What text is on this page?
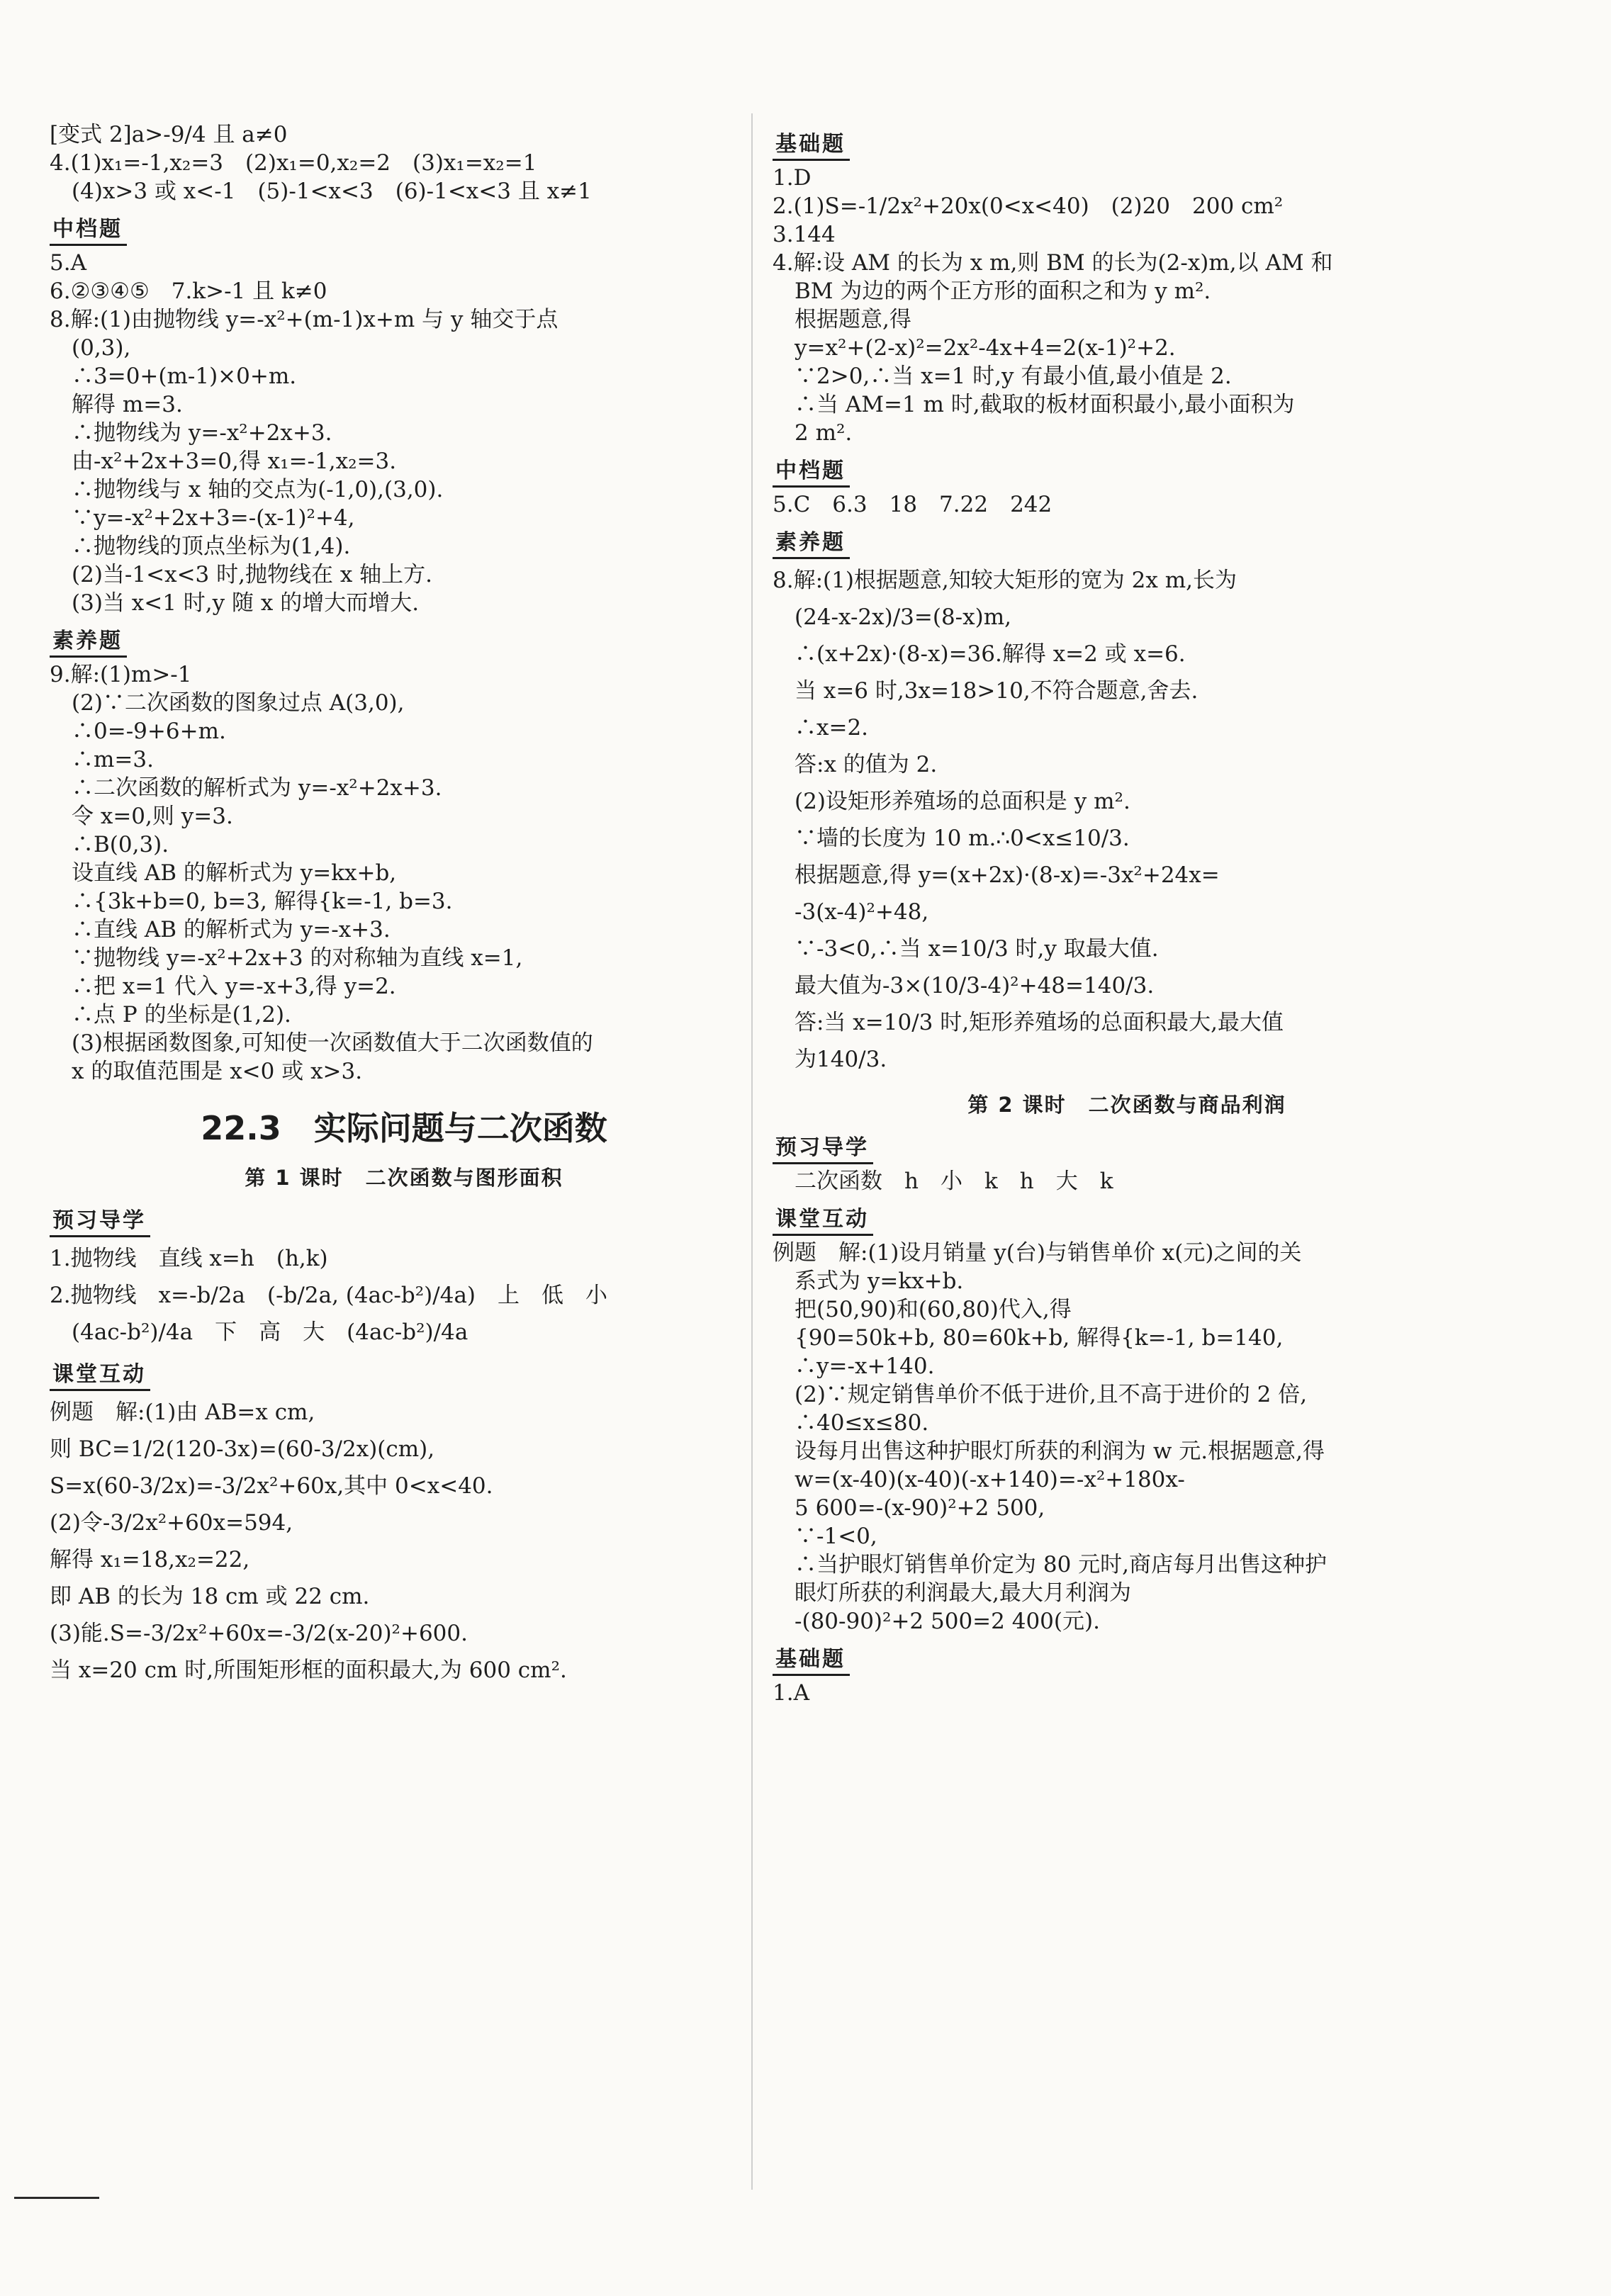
[变式 2]a>-9/4 且 a≠0
4.(1)x₁=-1,x₂=3　(2)x₁=0,x₂=2　(3)x₁=x₂=1
　(4)x>3 或 x<-1　(5)-1<x<3　(6)-1<x<3 且 x≠1
中档题
5.A
6.②③④⑤　7.k>-1 且 k≠0
8.解:(1)由抛物线 y=-x²+(m-1)x+m 与 y 轴交于点
　(0,3),
　∴3=0+(m-1)×0+m.
　解得 m=3.
　∴抛物线为 y=-x²+2x+3.
　由-x²+2x+3=0,得 x₁=-1,x₂=3.
　∴抛物线与 x 轴的交点为(-1,0),(3,0).
　∵y=-x²+2x+3=-(x-1)²+4,
　∴抛物线的顶点坐标为(1,4).
　(2)当-1<x<3 时,抛物线在 x 轴上方.
　(3)当 x<1 时,y 随 x 的增大而增大.
素养题
9.解:(1)m>-1
　(2)∵二次函数的图象过点 A(3,0),
　∴0=-9+6+m.
　∴m=3.
　∴二次函数的解析式为 y=-x²+2x+3.
　令 x=0,则 y=3.
　∴B(0,3).
　设直线 AB 的解析式为 y=kx+b,
　∴{3k+b=0, b=3, 解得{k=-1, b=3.
　∴直线 AB 的解析式为 y=-x+3.
　∵抛物线 y=-x²+2x+3 的对称轴为直线 x=1,
　∴把 x=1 代入 y=-x+3,得 y=2.
　∴点 P 的坐标是(1,2).
　(3)根据函数图象,可知使一次函数值大于二次函数值的
　x 的取值范围是 x<0 或 x>3.
22.3　实际问题与二次函数
第 1 课时　二次函数与图形面积
预习导学
1.抛物线　直线 x=h　(h,k)
2.抛物线　x=-b/2a　(-b/2a, (4ac-b²)/4a)　上　低　小
　(4ac-b²)/4a　下　高　大　(4ac-b²)/4a
课堂互动
例题　解:(1)由 AB=x cm,
则 BC=1/2(120-3x)=(60-3/2x)(cm),
S=x(60-3/2x)=-3/2x²+60x,其中 0<x<40.
(2)令-3/2x²+60x=594,
解得 x₁=18,x₂=22,
即 AB 的长为 18 cm 或 22 cm.
(3)能.S=-3/2x²+60x=-3/2(x-20)²+600.
当 x=20 cm 时,所围矩形框的面积最大,为 600 cm².
基础题
1.D
2.(1)S=-1/2x²+20x(0<x<40)　(2)20　200 cm²
3.144
4.解:设 AM 的长为 x m,则 BM 的长为(2-x)m,以 AM 和
　BM 为边的两个正方形的面积之和为 y m².
　根据题意,得
　y=x²+(2-x)²=2x²-4x+4=2(x-1)²+2.
　∵2>0,∴当 x=1 时,y 有最小值,最小值是 2.
　∴当 AM=1 m 时,截取的板材面积最小,最小面积为
　2 m².
中档题
5.C　6.3　18　7.22　242
素养题
8.解:(1)根据题意,知较大矩形的宽为 2x m,长为
　(24-x-2x)/3=(8-x)m,
　∴(x+2x)·(8-x)=36.解得 x=2 或 x=6.
　当 x=6 时,3x=18>10,不符合题意,舍去.
　∴x=2.
　答:x 的值为 2.
　(2)设矩形养殖场的总面积是 y m².
　∵墙的长度为 10 m.∴0<x≤10/3.
　根据题意,得 y=(x+2x)·(8-x)=-3x²+24x=
　-3(x-4)²+48,
　∵-3<0,∴当 x=10/3 时,y 取最大值.
　最大值为-3×(10/3-4)²+48=140/3.
　答:当 x=10/3 时,矩形养殖场的总面积最大,最大值
　为140/3.
第 2 课时　二次函数与商品利润
预习导学
　二次函数　h　小　k　h　大　k
课堂互动
例题　解:(1)设月销量 y(台)与销售单价 x(元)之间的关
　系式为 y=kx+b.
　把(50,90)和(60,80)代入,得
　{90=50k+b, 80=60k+b, 解得{k=-1, b=140,
　∴y=-x+140.
　(2)∵规定销售单价不低于进价,且不高于进价的 2 倍,
　∴40≤x≤80.
　设每月出售这种护眼灯所获的利润为 w 元.根据题意,得
　w=(x-40)(x-40)(-x+140)=-x²+180x-
　5 600=-(x-90)²+2 500,
　∵-1<0,
　∴当护眼灯销售单价定为 80 元时,商店每月出售这种护
　眼灯所获的利润最大,最大月利润为
　-(80-90)²+2 500=2 400(元).
基础题
1.A
